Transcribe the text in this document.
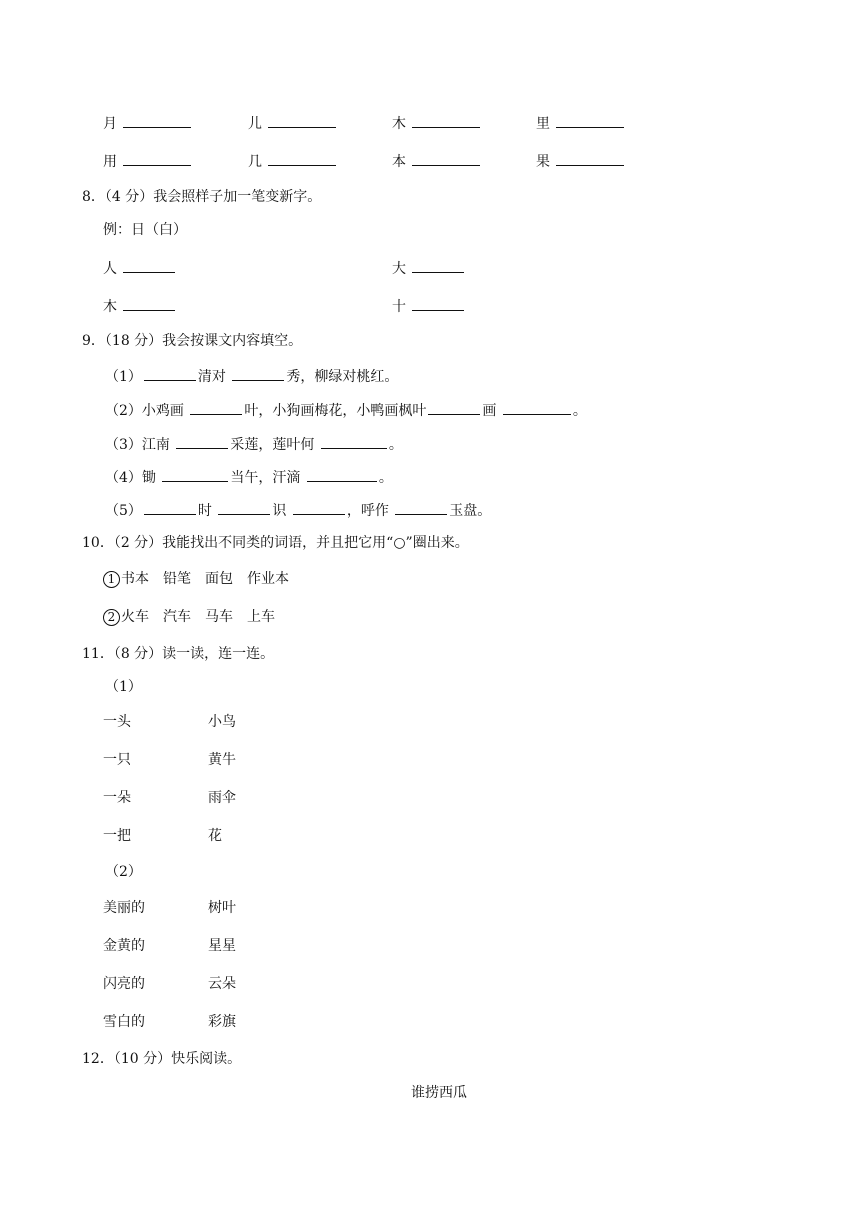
月	儿	木	里
用	几	本	果
8．（4 分）我会照样子加一笔变新字。
例：日（白）
人	大
木	十
9．（18 分）我会按课文内容填空。
（1）	清对	秀，柳绿对桃红。
（2）小鸡画	叶，小狗画梅花，小鸭画枫叶	画	。
（3）江南	采莲，莲叶何	。
（4）锄	当午，汗滴	。
（5）	时	识	，呼作	玉盘。
10．（2 分）我能找出不同类的词语，并且把它用“○”圈出来。
1 书本　铅笔　面包　作业本
2 火车　汽车　马车　上车
11．（8 分）读一读，连一连。
（1）
一头	小鸟
一只	黄牛
一朵	雨伞
一把	花
（2）
美丽的	树叶
金黄的	星星
闪亮的	云朵
雪白的	彩旗
12．（10 分）快乐阅读。
谁捞西瓜
